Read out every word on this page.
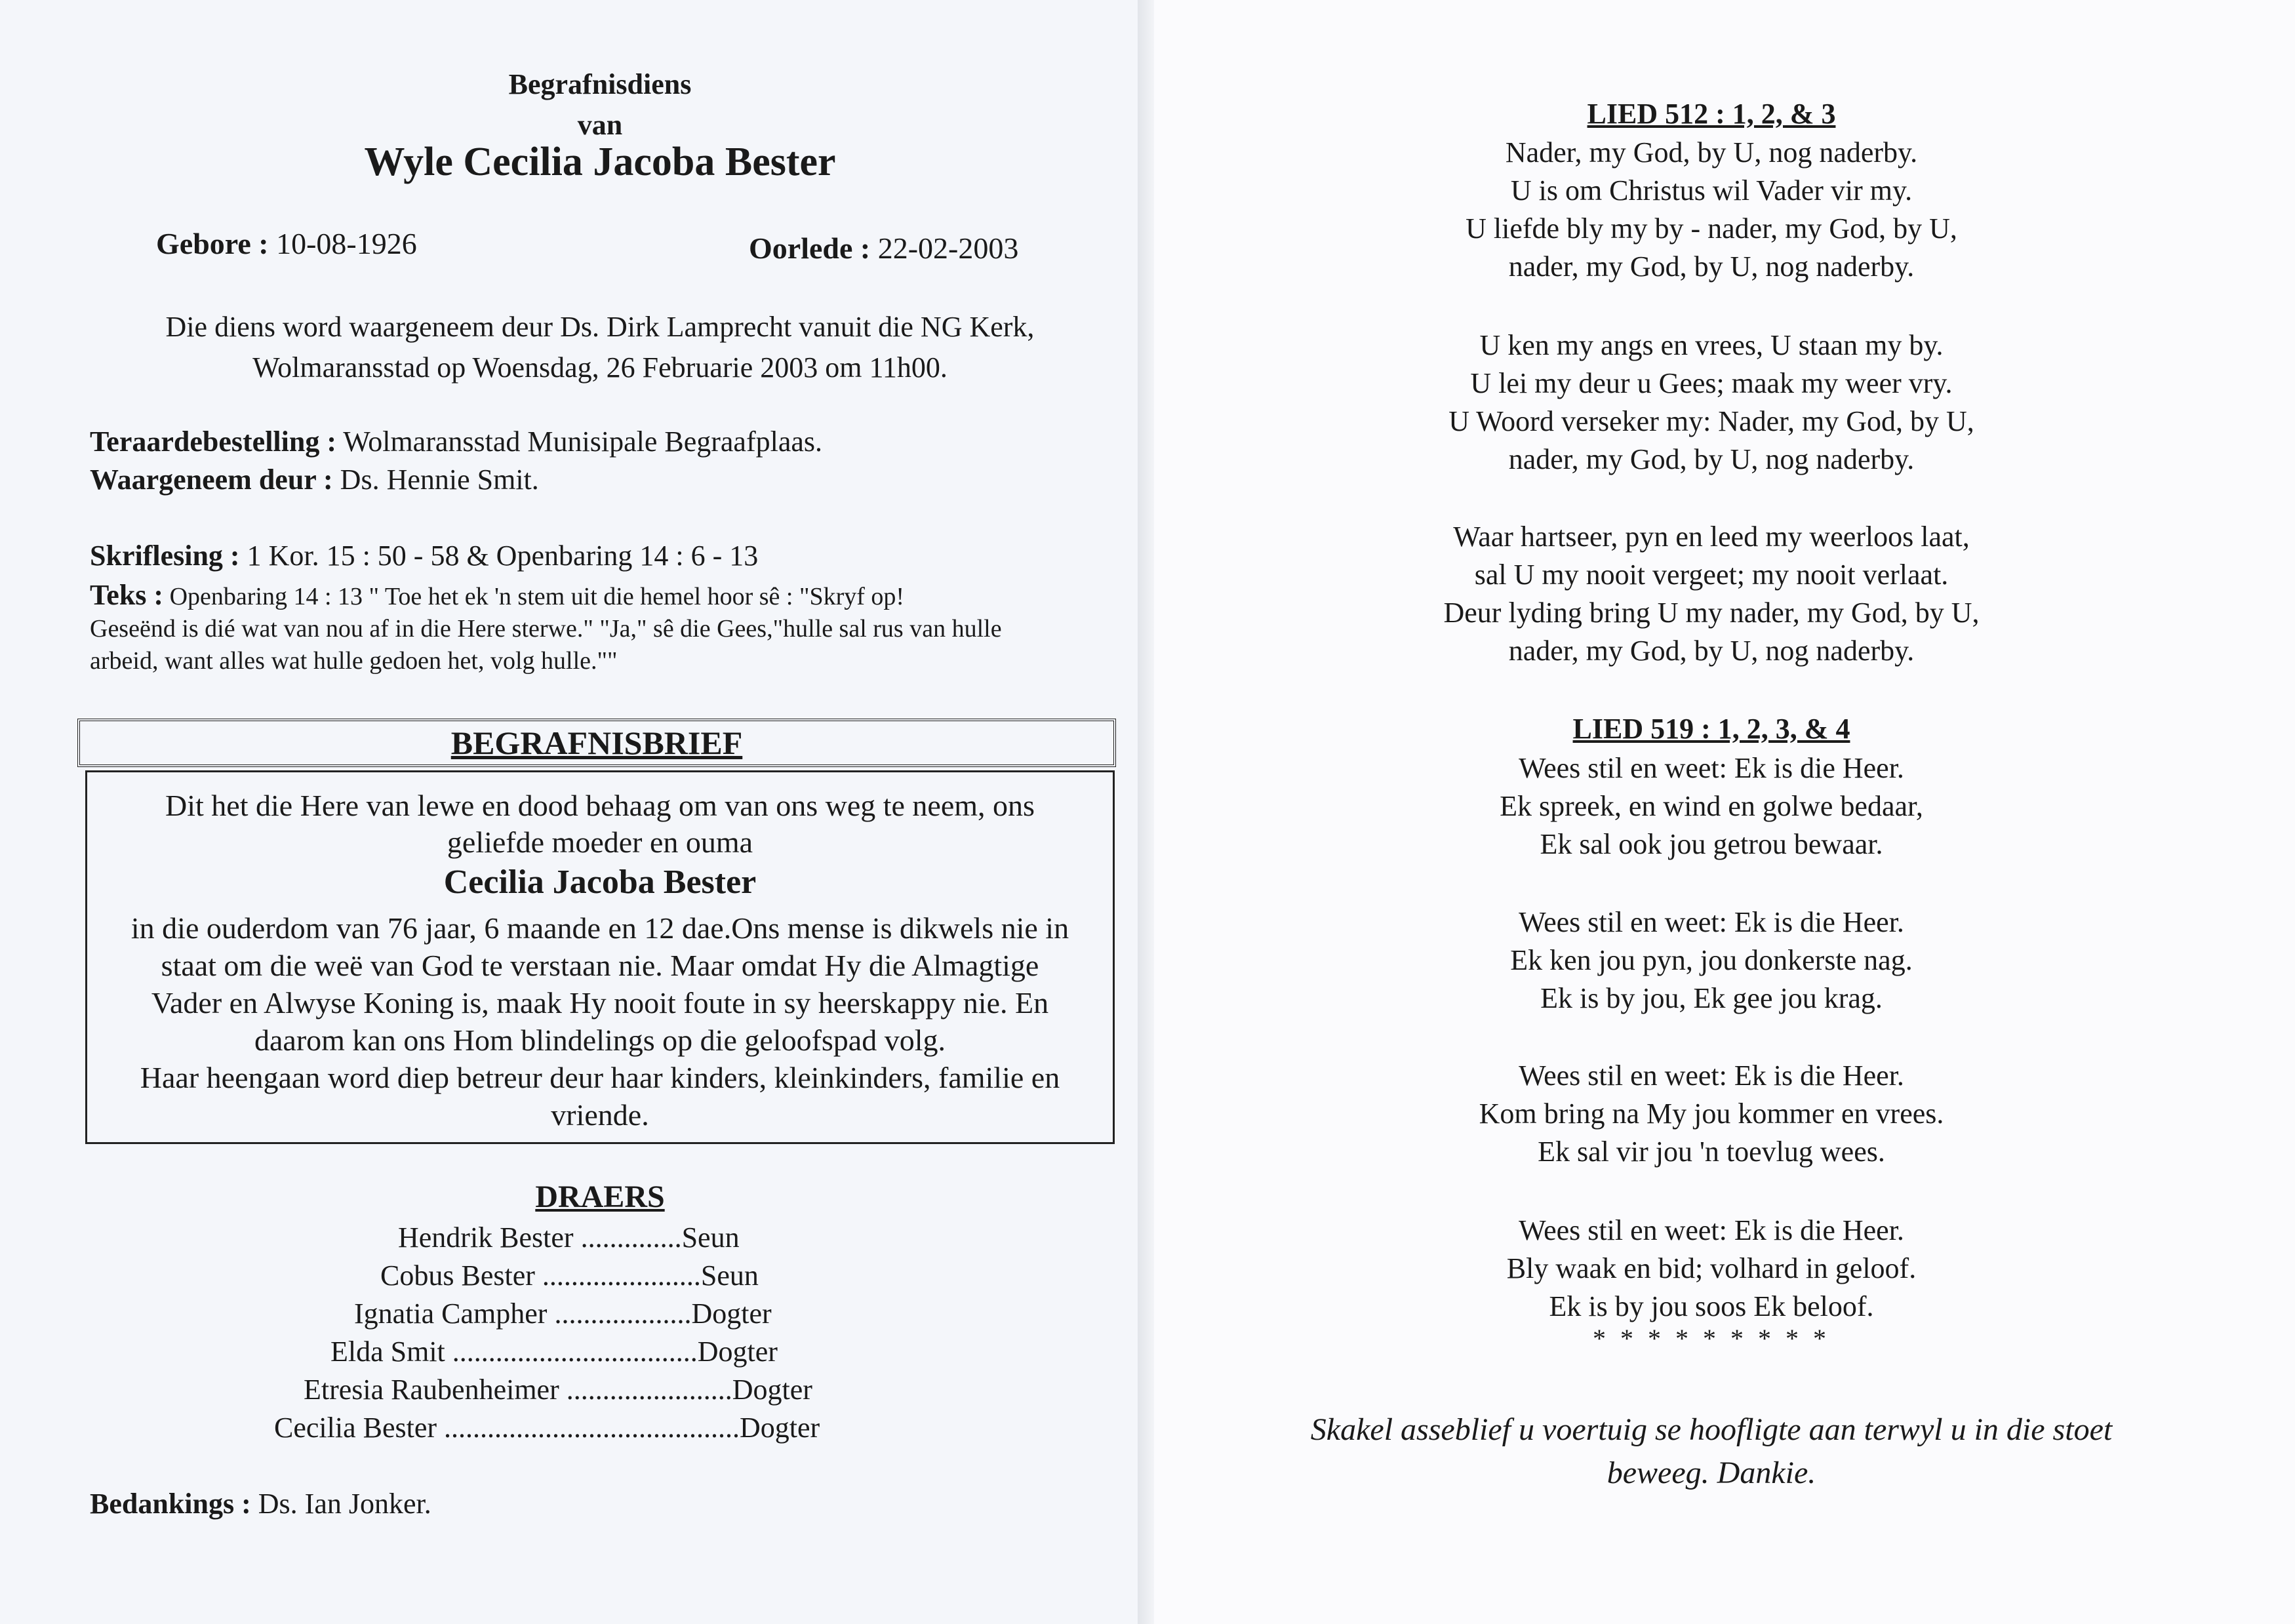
Begrafnisdiens
van
Wyle Cecilia Jacoba Bester
Gebore : 10-08-1926	Oorlede : 22-02-2003
Die diens word waargeneem deur Ds. Dirk Lamprecht vanuit die NG Kerk,
Wolmaransstad op Woensdag, 26 Februarie 2003 om 11h00.
Teraardebestelling : Wolmaransstad Munisipale Begraafplaas.
Waargeneem deur : Ds. Hennie Smit.
Skriflesing : 1 Kor. 15 : 50 - 58 & Openbaring 14 : 6 - 13
Teks : Openbaring 14 : 13 " Toe het ek 'n stem uit die hemel hoor sê : "Skryf op!
Geseënd is dié wat van nou af in die Here sterwe." "Ja," sê die Gees,"hulle sal rus van hulle
arbeid, want alles wat hulle gedoen het, volg hulle.""
BEGRAFNISBRIEF
Dit het die Here van lewe en dood behaag om van ons weg te neem, ons
geliefde moeder en ouma
Cecilia Jacoba Bester
in die ouderdom van 76 jaar, 6 maande en 12 dae.Ons mense is dikwels nie in
staat om die weë van God te verstaan nie. Maar omdat Hy die Almagtige
Vader en Alwyse Koning is, maak Hy nooit foute in sy heerskappy nie. En
daarom kan ons Hom blindelings op die geloofspad volg.
Haar heengaan word diep betreur deur haar kinders, kleinkinders, familie en
vriende.
DRAERS
Hendrik Bester ..............Seun
Cobus Bester ......................Seun
Ignatia Campher ...................Dogter
Elda Smit ..................................Dogter
Etresia Raubenheimer .......................Dogter
Cecilia Bester .........................................Dogter
Bedankings : Ds. Ian Jonker.
LIED 512 : 1, 2, & 3
Nader, my God, by U, nog naderby.
U is om Christus wil Vader vir my.
U liefde bly my by - nader, my God, by U,
nader, my God, by U, nog naderby.
U ken my angs en vrees, U staan my by.
U lei my deur u Gees; maak my weer vry.
U Woord verseker my: Nader, my God, by U,
nader, my God, by U, nog naderby.
Waar hartseer, pyn en leed my weerloos laat,
sal U my nooit vergeet; my nooit verlaat.
Deur lyding bring U my nader, my God, by U,
nader, my God, by U, nog naderby.
LIED 519 : 1, 2, 3, & 4
Wees stil en weet: Ek is die Heer.
Ek spreek, en wind en golwe bedaar,
Ek sal ook jou getrou bewaar.
Wees stil en weet: Ek is die Heer.
Ek ken jou pyn, jou donkerste nag.
Ek is by jou, Ek gee jou krag.
Wees stil en weet: Ek is die Heer.
Kom bring na My jou kommer en vrees.
Ek sal vir jou 'n toevlug wees.
Wees stil en weet: Ek is die Heer.
Bly waak en bid; volhard in geloof.
Ek is by jou soos Ek beloof.
* * * * * * * * *
Skakel asseblief u voertuig se hoofligte aan terwyl u in die stoet
beweeg. Dankie.
